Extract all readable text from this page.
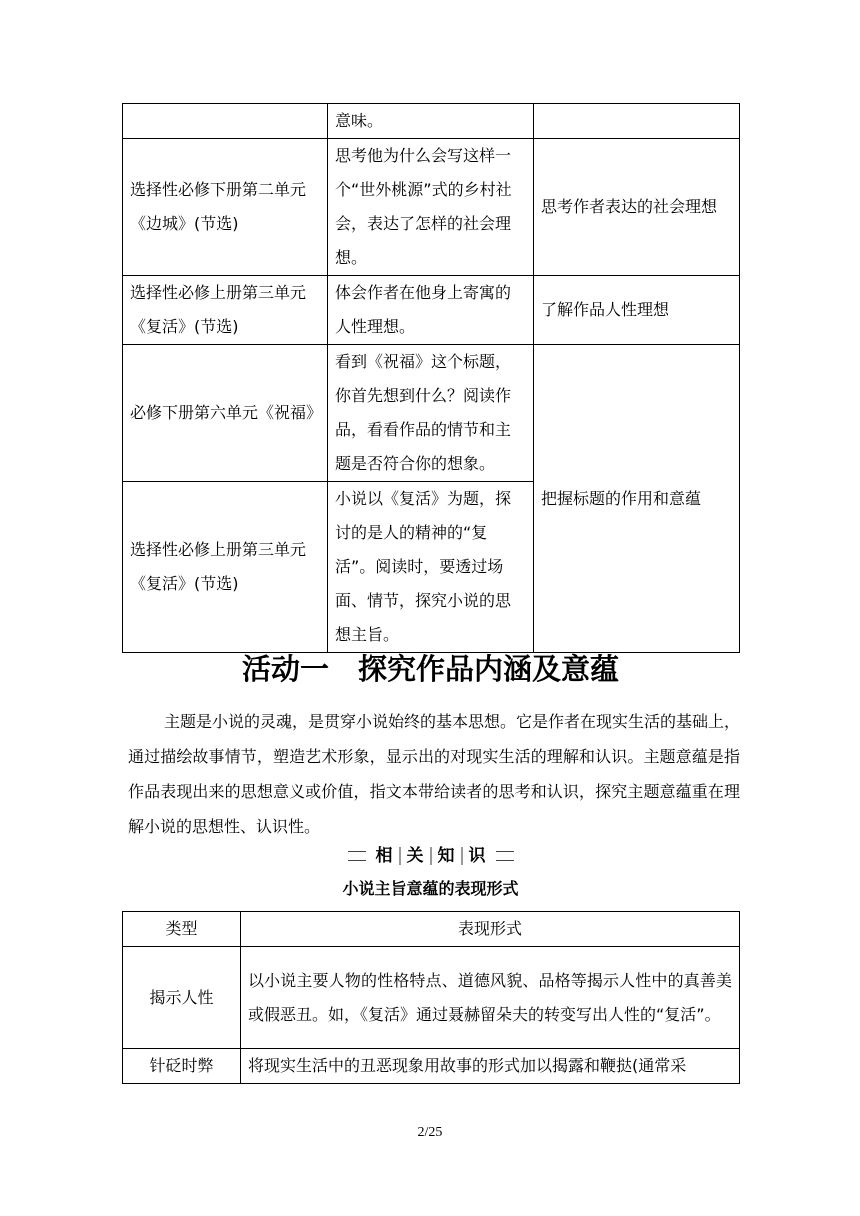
	意味。	
选择性必修下册第二单元《边城》(节选)	思考他为什么会写这样一个“世外桃源”式的乡村社会，表达了怎样的社会理想。	思考作者表达的社会理想
选择性必修上册第三单元《复活》(节选)	体会作者在他身上寄寓的人性理想。	了解作品人性理想
必修下册第六单元《祝福》	看到《祝福》这个标题，你首先想到什么？阅读作品，看看作品的情节和主题是否符合你的想象。	把握标题的作用和意蕴
选择性必修上册第三单元《复活》(节选)	小说以《复活》为题，探讨的是人的精神的“复活”。阅读时，要透过场面、情节，探究小说的思想主旨。	
活动一　探究作品内涵及意蕴

主题是小说的灵魂，是贯穿小说始终的基本思想。它是作者在现实生活的基础上，通过描绘故事情节，塑造艺术形象，显示出的对现实生活的理解和认识。主题意蕴是指作品表现出来的思想意义或价值，指文本带给读者的思考和认识，探究主题意蕴重在理解小说的思想性、认识性。

相 关 知 识
小说主旨意蕴的表现形式
类型	表现形式
揭示人性	以小说主要人物的性格特点、道德风貌、品格等揭示人性中的真善美或假恶丑。如，《复活》通过聂赫留朵夫的转变写出人性的“复活”。
针砭时弊	将现实生活中的丑恶现象用故事的形式加以揭露和鞭挞(通常采
2/25
